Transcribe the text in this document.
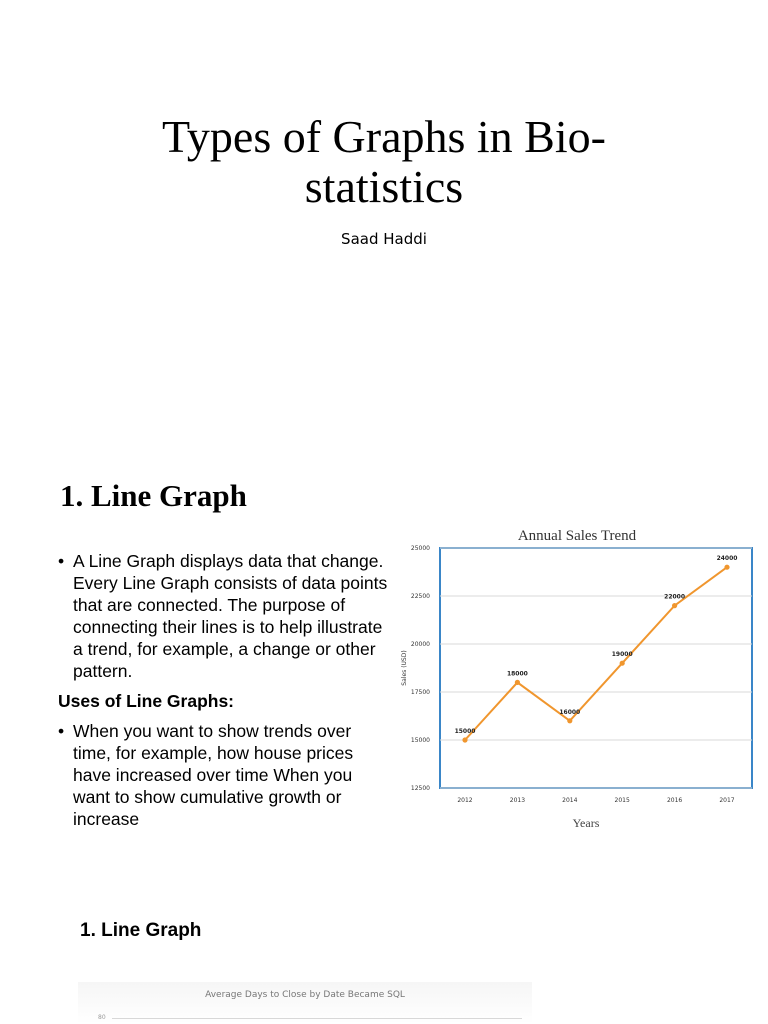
Types of Graphs in Bio-
statistics
Saad Haddi
1. Line Graph
• A Line Graph displays data that change. Every Line Graph consists of data points that are connected. The purpose of connecting their lines is to help illustrate a trend, for example, a change or other pattern.
Uses of Line Graphs:
• When you want to show trends over time, for example, how house prices have increased over time When you want to show cumulative growth or increase
Annual Sales Trend
12500
15000
17500
20000
22500
25000
2012	2013	2014	2015	2016	2017
15000
18000
16000
19000
22000
24000
Sales (USD)
Years
1. Line Graph
Average Days to Close by Date Became SQL
80
